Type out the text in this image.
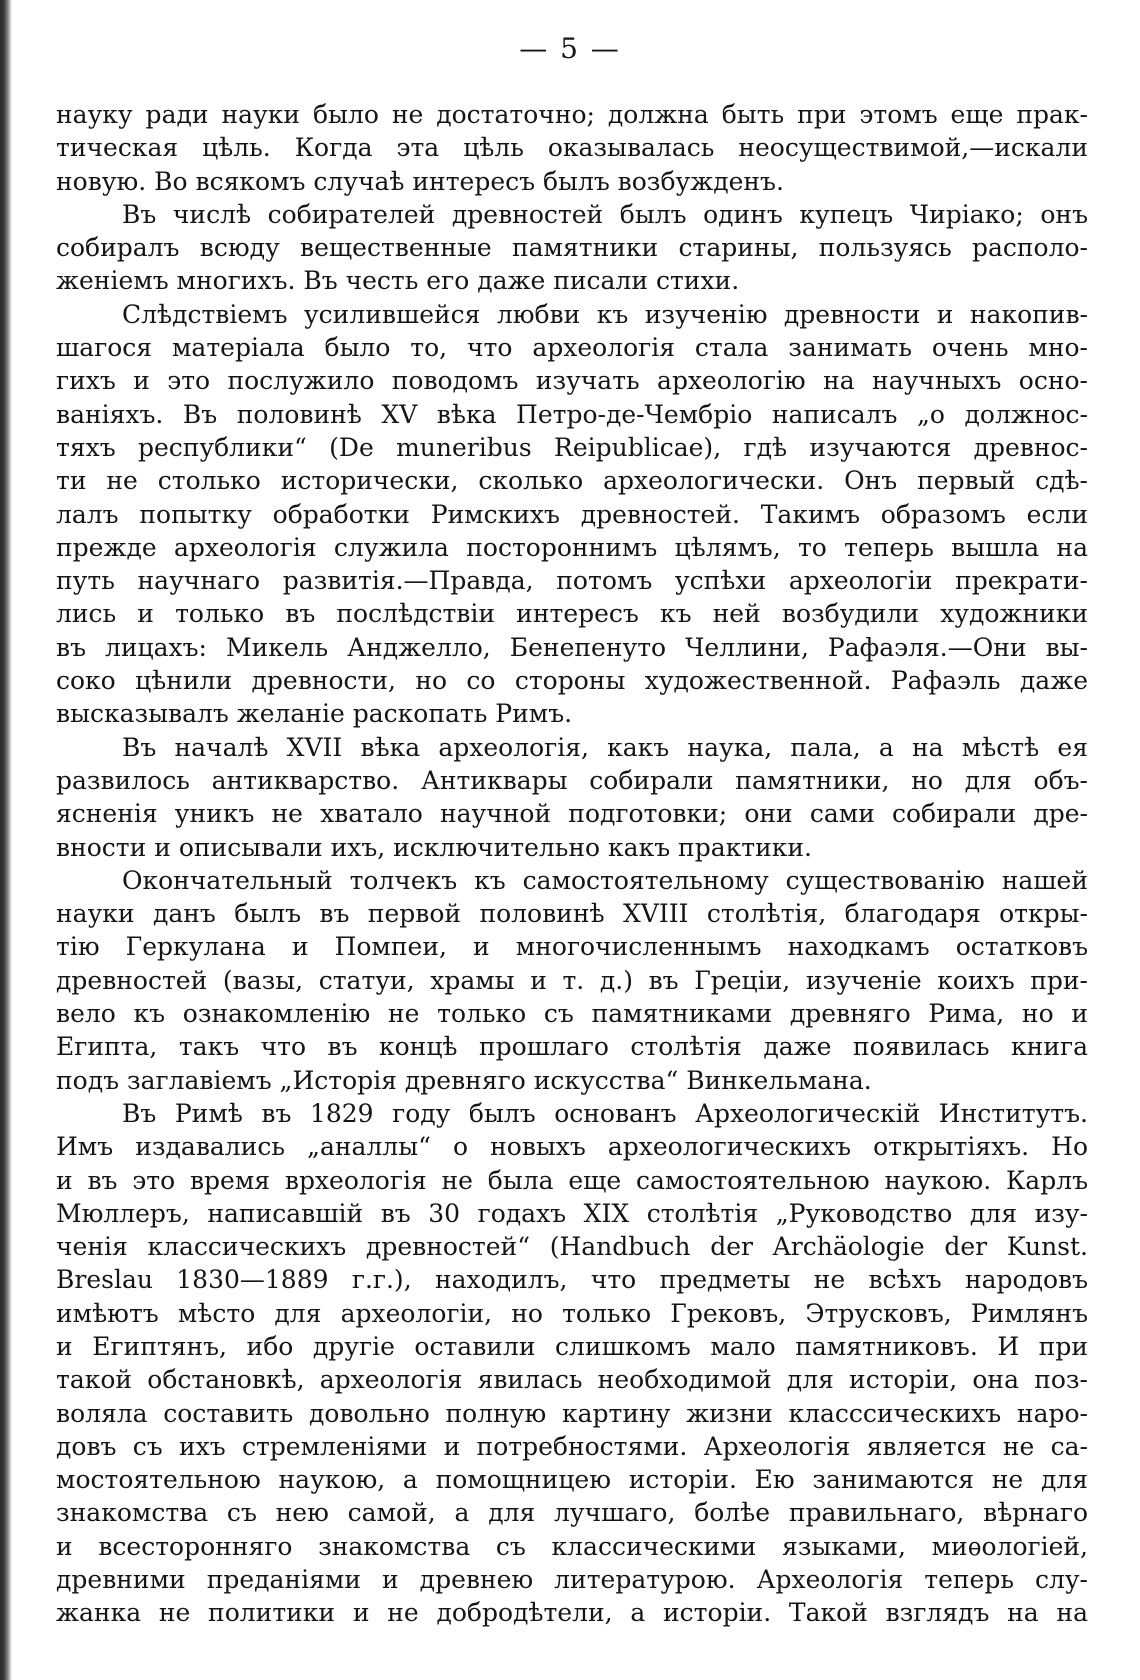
— 5 —
науку ради науки было не достаточно; должна быть при этомъ еще прак-
тическая цѣль. Когда эта цѣль оказывалась неосуществимой,—искали
новую. Во всякомъ случаѣ интересъ былъ возбужденъ.
Въ числѣ собирателей древностей былъ одинъ купецъ Чиріако; онъ
собиралъ всюду вещественные памятники старины, пользуясь располо-
женіемъ многихъ. Въ честь его даже писали стихи.
Слѣдствіемъ усилившейся любви къ изученію древности и накопив-
шагося матеріала было то, что археологія стала занимать очень мно-
гихъ и это послужило поводомъ изучать археологію на научныхъ осно-
ваніяхъ. Въ половинѣ XV вѣка Петро-де-Чембріо написалъ „о должнос-
тяхъ республики“ (De muneribus Reipublicae), гдѣ изучаются древнос-
ти не столько исторически, сколько археологически. Онъ первый сдѣ-
лалъ попытку обработки Римскихъ древностей. Такимъ образомъ если
прежде археологія служила постороннимъ цѣлямъ, то теперь вышла на
путь научнаго развитія.—Правда, потомъ успѣхи археологіи прекрати-
лись и только въ послѣдствіи интересъ къ ней возбудили художники
въ лицахъ: Микель Анджелло, Бенепенуто Челлини, Рафаэля.—Они вы-
соко цѣнили древности, но со стороны художественной. Рафаэль даже
высказывалъ желаніе раскопать Римъ.
Въ началѣ XVII вѣка археологія, какъ наука, пала, а на мѣстѣ ея
развилось антикварство. Антиквары собирали памятники, но для объ-
ясненія уникъ не хватало научной подготовки; они сами собирали дре-
вности и описывали ихъ, исключительно какъ практики.
Окончательный толчекъ къ самостоятельному существованію нашей
науки данъ былъ въ первой половинѣ XVIII столѣтія, благодаря откры-
тію Геркулана и Помпеи, и многочисленнымъ находкамъ остатковъ
древностей (вазы, статуи, храмы и т. д.) въ Греціи, изученіе коихъ при-
вело къ ознакомленію не только съ памятниками древняго Рима, но и
Египта, такъ что въ концѣ прошлаго столѣтія даже появилась книга
подъ заглавіемъ „Исторія древняго искусства“ Винкельмана.
Въ Римѣ въ 1829 году былъ основанъ Археологическій Институтъ.
Имъ издавались „аналлы“ о новыхъ археологическихъ открытіяхъ. Но
и въ это время врхеологія не была еще самостоятельною наукою. Карлъ
Мюллеръ, написавшій въ 30 годахъ XIX столѣтія „Руководство для изу-
ченія классическихъ древностей“ (Handbuch der Archäologie der Kunst.
Breslau 1830—1889 г.г.), находилъ, что предметы не всѣхъ народовъ
имѣютъ мѣсто для археологіи, но только Грековъ, Этрусковъ, Римлянъ
и Египтянъ, ибо другіе оставили слишкомъ мало памятниковъ. И при
такой обстановкѣ, археологія явилась необходимой для исторіи, она поз-
воляла составить довольно полную картину жизни класссическихъ наро-
довъ съ ихъ стремленіями и потребностями. Археологія является не са-
мостоятельною наукою, а помощницею исторіи. Ею занимаются не для
знакомства съ нею самой, а для лучшаго, болѣе правильнаго, вѣрнаго
и всесторонняго знакомства съ классическими языками, миѳологіей,
древними преданіями и древнею литературою. Археологія теперь слу-
жанка не политики и не добродѣтели, а исторіи. Такой взглядъ на на
